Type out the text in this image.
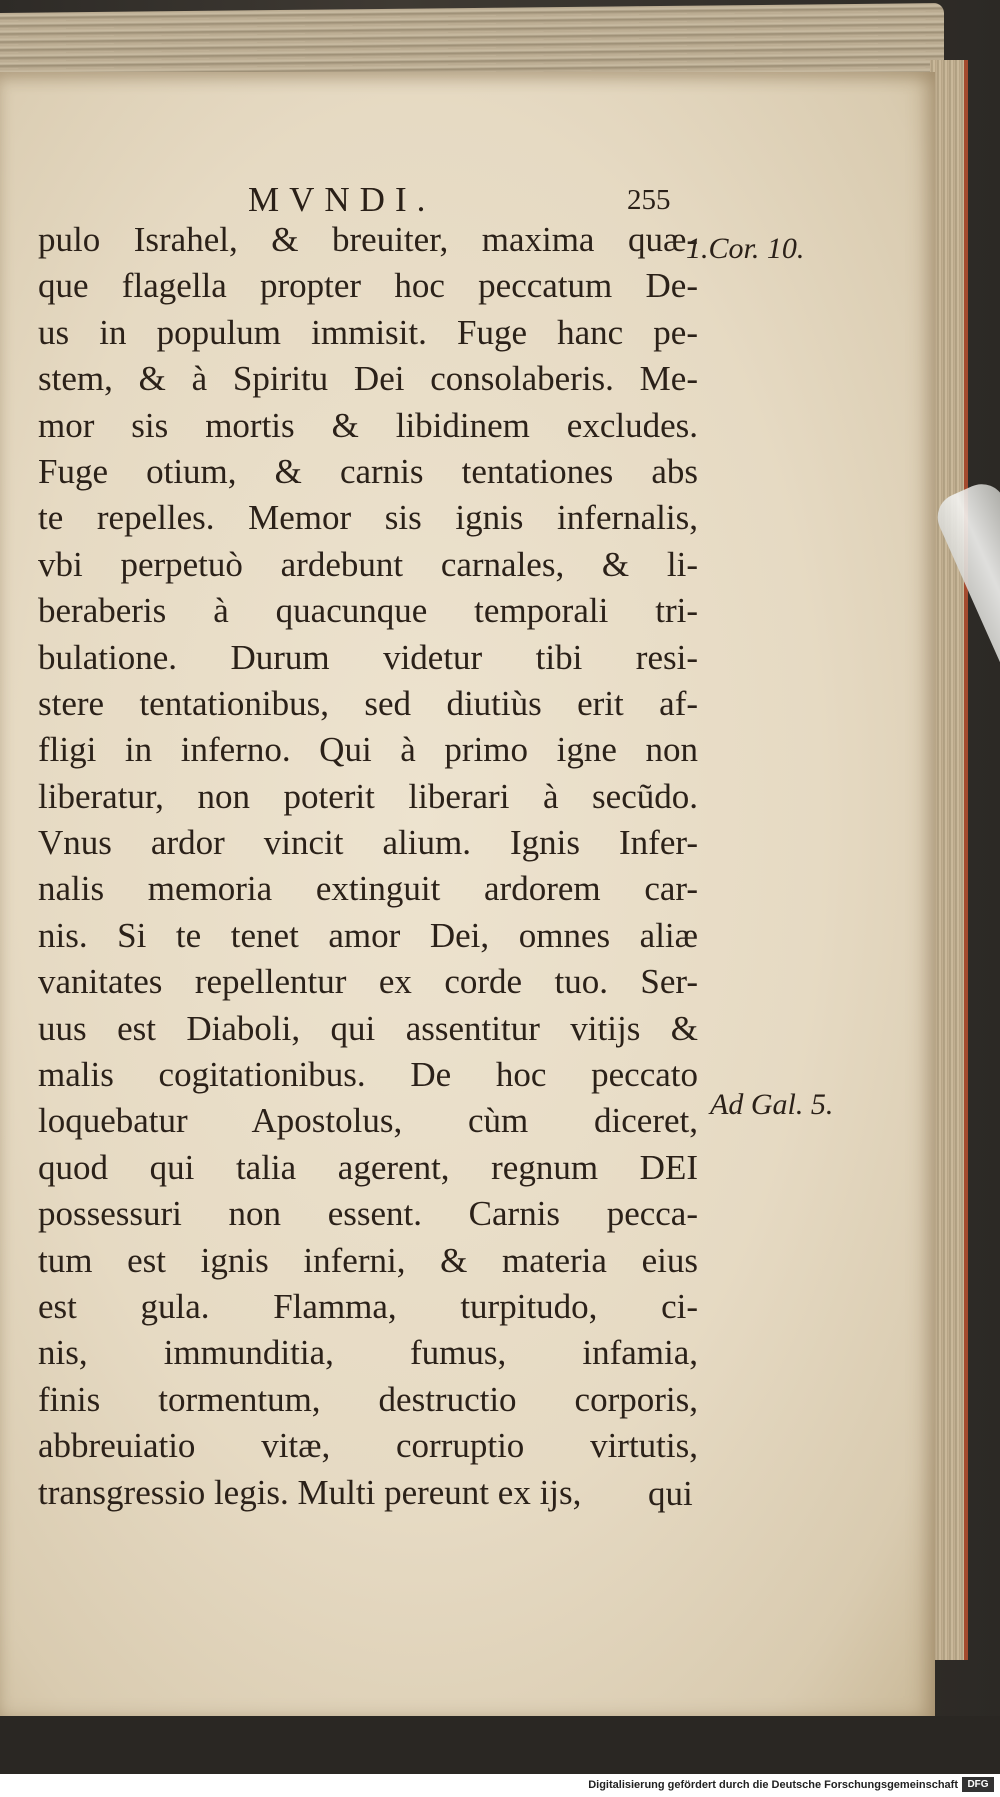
MVNDI.	255
pulo Israhel, & breuiter, maxima quæ-
que flagella propter hoc peccatum De-
us in populum immisit. Fuge hanc pe-
stem, & à Spiritu Dei consolaberis. Me-
mor sis mortis & libidinem excludes.
Fuge otium, & carnis tentationes abs
te repelles. Memor sis ignis infernalis,
vbi perpetuò ardebunt carnales, & li-
beraberis à quacunque temporali tri-
bulatione. Durum videtur tibi resi-
stere tentationibus, sed diutiùs erit af-
fligi in inferno. Qui à primo igne non
liberatur, non poterit liberari à secũdo.
Vnus ardor vincit alium. Ignis Infer-
nalis memoria extinguit ardorem car-
nis. Si te tenet amor Dei, omnes aliæ
vanitates repellentur ex corde tuo. Ser-
uus est Diaboli, qui assentitur vitijs &
malis cogitationibus. De hoc peccato
loquebatur Apostolus, cùm diceret,
quod qui talia agerent, regnum DEI
possessuri non essent. Carnis pecca-
tum est ignis inferni, & materia eius
est gula. Flamma, turpitudo, ci-
nis, immunditia, fumus, infamia,
finis tormentum, destructio corporis,
abbreuiatio vitæ, corruptio virtutis,
transgressio legis. Multi pereunt ex ijs,	qui
1.Cor. 10.
Ad Gal. 5.
Digitalisierung gefördert durch die Deutsche Forschungsgemeinschaft DFG
